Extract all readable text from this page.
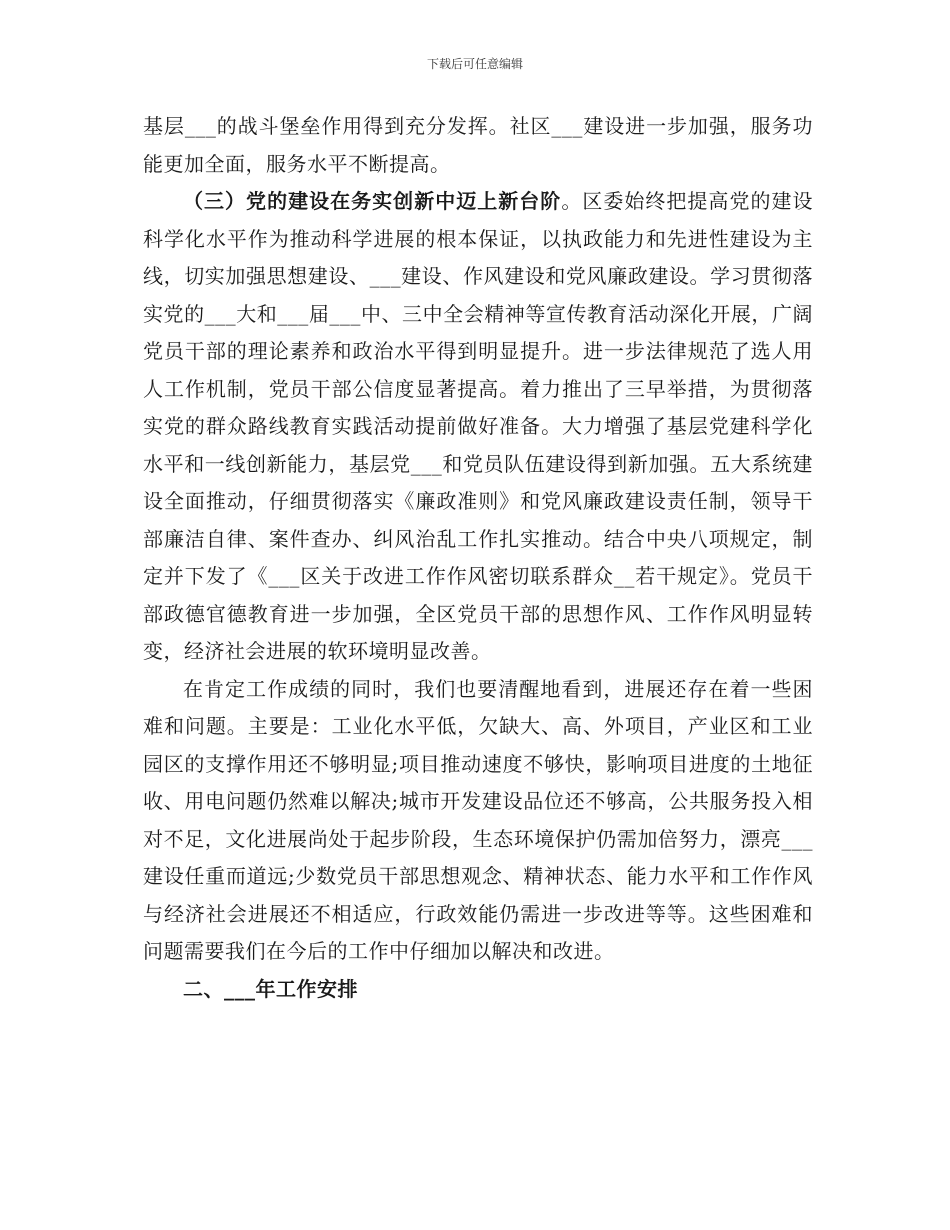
下载后可任意编辑

基层___的战斗堡垒作用得到充分发挥。社区___建设进一步加强，服务功能更加全面，服务水平不断提高。

（三）党的建设在务实创新中迈上新台阶。区委始终把提高党的建设科学化水平作为推动科学进展的根本保证，以执政能力和先进性建设为主线，切实加强思想建设、___建设、作风建设和党风廉政建设。学习贯彻落实党的___大和___届___中、三中全会精神等宣传教育活动深化开展，广阔党员干部的理论素养和政治水平得到明显提升。进一步法律规范了选人用人工作机制，党员干部公信度显著提高。着力推出了三早举措，为贯彻落实党的群众路线教育实践活动提前做好准备。大力增强了基层党建科学化水平和一线创新能力，基层党___和党员队伍建设得到新加强。五大系统建设全面推动，仔细贯彻落实《廉政准则》和党风廉政建设责任制，领导干部廉洁自律、案件查办、纠风治乱工作扎实推动。结合中央八项规定，制定并下发了《___区关于改进工作作风密切联系群众__若干规定》。党员干部政德官德教育进一步加强，全区党员干部的思想作风、工作作风明显转变，经济社会进展的软环境明显改善。

在肯定工作成绩的同时，我们也要清醒地看到，进展还存在着一些困难和问题。主要是：工业化水平低，欠缺大、高、外项目，产业区和工业园区的支撑作用还不够明显;项目推动速度不够快，影响项目进度的土地征收、用电问题仍然难以解决;城市开发建设品位还不够高，公共服务投入相对不足，文化进展尚处于起步阶段，生态环境保护仍需加倍努力，漂亮___建设任重而道远;少数党员干部思想观念、精神状态、能力水平和工作作风与经济社会进展还不相适应，行政效能仍需进一步改进等等。这些困难和问题需要我们在今后的工作中仔细加以解决和改进。

二、___年工作安排
